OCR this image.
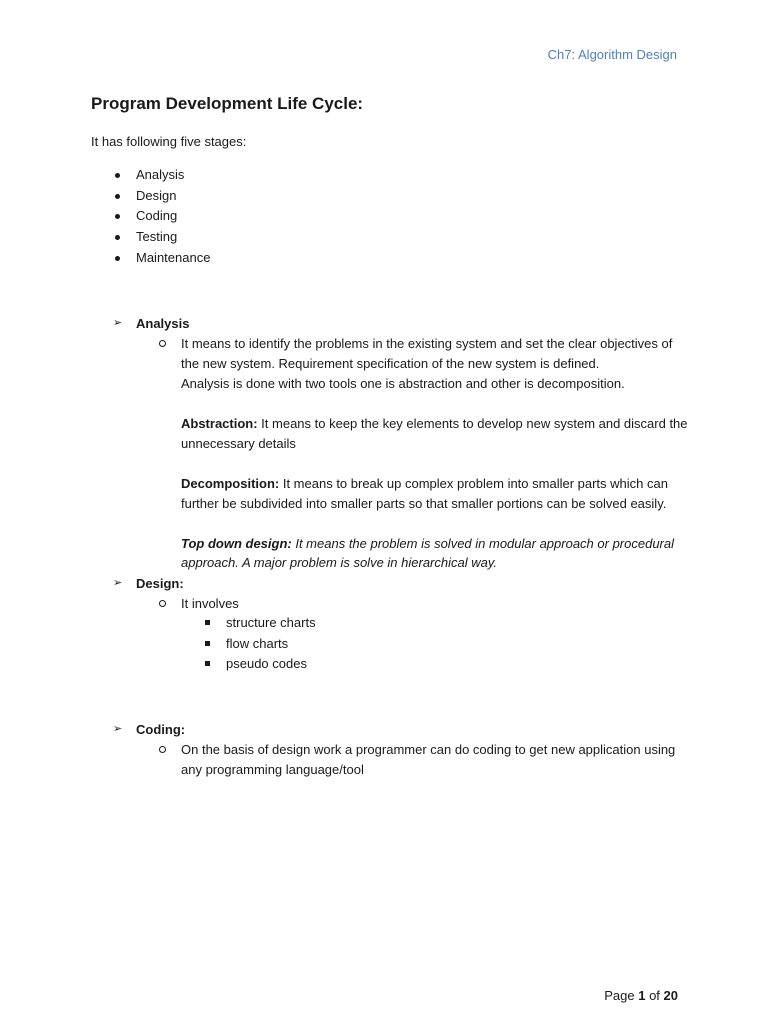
Ch7: Algorithm Design
Program Development Life Cycle:
It has following five stages:
Analysis
Design
Coding
Testing
Maintenance
➢ Analysis
It means to identify the problems in the existing system and set the clear objectives of
the new system. Requirement specification of the new system is defined.
Analysis is done with two tools one is abstraction and other is decomposition.
Abstraction: It means to keep the key elements to develop new system and discard the
unnecessary details
Decomposition: It means to break up complex problem into smaller parts which can
further be subdivided into smaller parts so that smaller portions can be solved easily.
Top down design: It means the problem is solved in modular approach or procedural
approach. A major problem is solve in hierarchical way.
➢ Design:
It involves
structure charts
flow charts
pseudo codes
➢ Coding:
On the basis of design work a programmer can do coding to get new application using
any programming language/tool
Page 1 of 20
